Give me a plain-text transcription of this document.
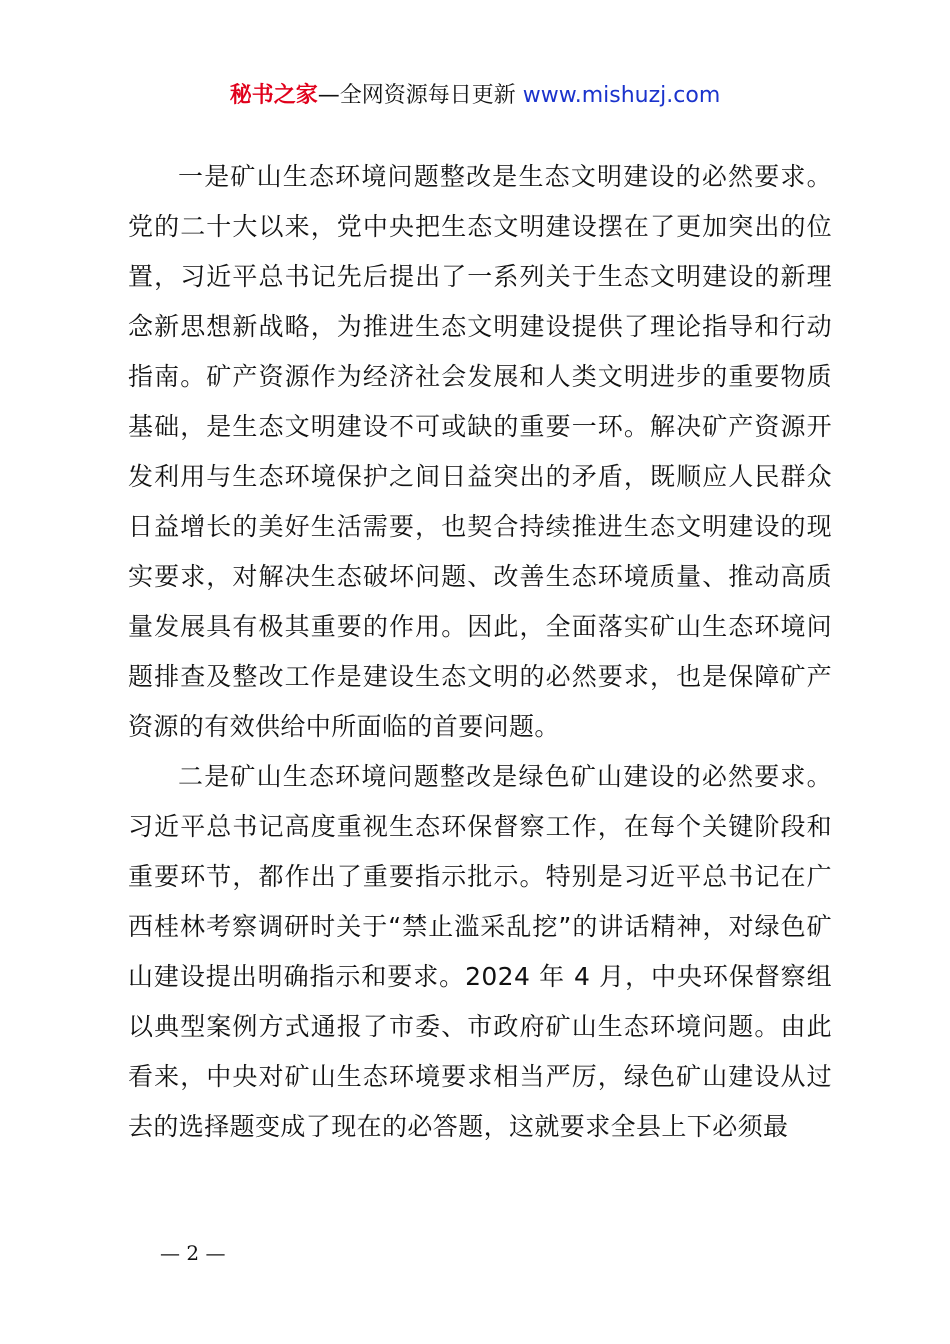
秘书之家—全网资源每日更新 www.mishuzj.com

一是矿山生态环境问题整改是生态文明建设的必然要求。党的二十大以来，党中央把生态文明建设摆在了更加突出的位置，习近平总书记先后提出了一系列关于生态文明建设的新理念新思想新战略，为推进生态文明建设提供了理论指导和行动指南。矿产资源作为经济社会发展和人类文明进步的重要物质基础，是生态文明建设不可或缺的重要一环。解决矿产资源开发利用与生态环境保护之间日益突出的矛盾，既顺应人民群众日益增长的美好生活需要，也契合持续推进生态文明建设的现实要求，对解决生态破坏问题、改善生态环境质量、推动高质量发展具有极其重要的作用。因此，全面落实矿山生态环境问题排查及整改工作是建设生态文明的必然要求，也是保障矿产资源的有效供给中所面临的首要问题。

二是矿山生态环境问题整改是绿色矿山建设的必然要求。习近平总书记高度重视生态环保督察工作，在每个关键阶段和重要环节，都作出了重要指示批示。特别是习近平总书记在广西桂林考察调研时关于“禁止滥采乱挖”的讲话精神，对绿色矿山建设提出明确指示和要求。2024 年 4 月，中央环保督察组以典型案例方式通报了市委、市政府矿山生态环境问题。由此看来，中央对矿山生态环境要求相当严厉，绿色矿山建设从过去的选择题变成了现在的必答题，这就要求全县上下必须最

— 2 —
